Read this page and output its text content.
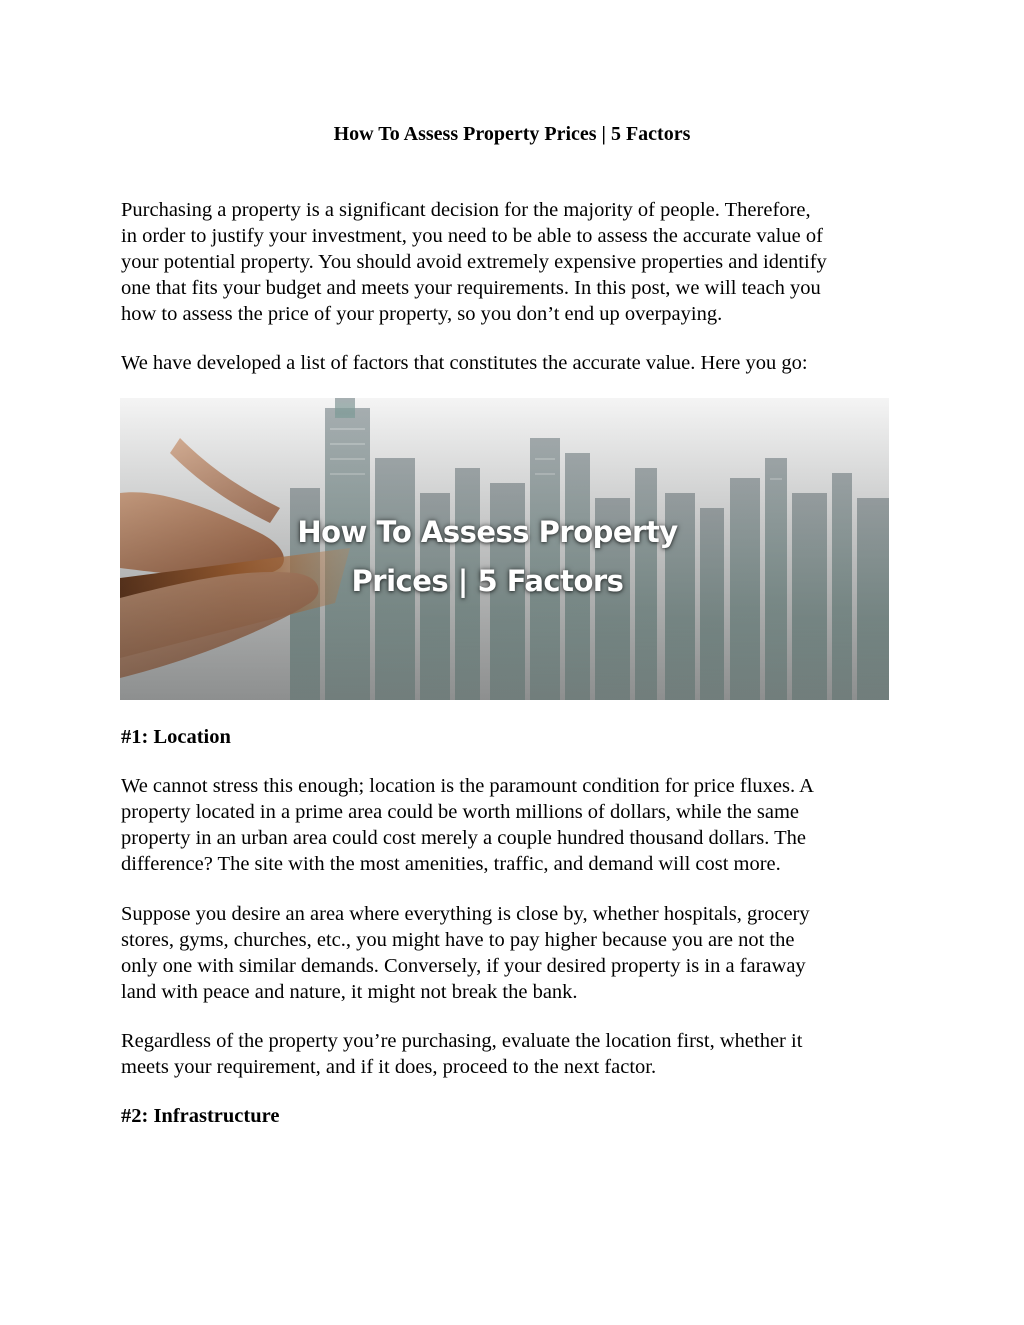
How To Assess Property Prices | 5 Factors

Purchasing a property is a significant decision for the majority of people. Therefore,
in order to justify your investment, you need to be able to assess the accurate value of
your potential property. You should avoid extremely expensive properties and identify
one that fits your budget and meets your requirements. In this post, we will teach you
how to assess the price of your property, so you don’t end up overpaying.

We have developed a list of factors that constitutes the accurate value. Here you go:

How To Assess Property
Prices | 5 Factors
#1: Location

We cannot stress this enough; location is the paramount condition for price fluxes. A
property located in a prime area could be worth millions of dollars, while the same
property in an urban area could cost merely a couple hundred thousand dollars. The
difference? The site with the most amenities, traffic, and demand will cost more.

Suppose you desire an area where everything is close by, whether hospitals, grocery
stores, gyms, churches, etc., you might have to pay higher because you are not the
only one with similar demands. Conversely, if your desired property is in a faraway
land with peace and nature, it might not break the bank.

Regardless of the property you’re purchasing, evaluate the location first, whether it
meets your requirement, and if it does, proceed to the next factor.

#2: Infrastructure
